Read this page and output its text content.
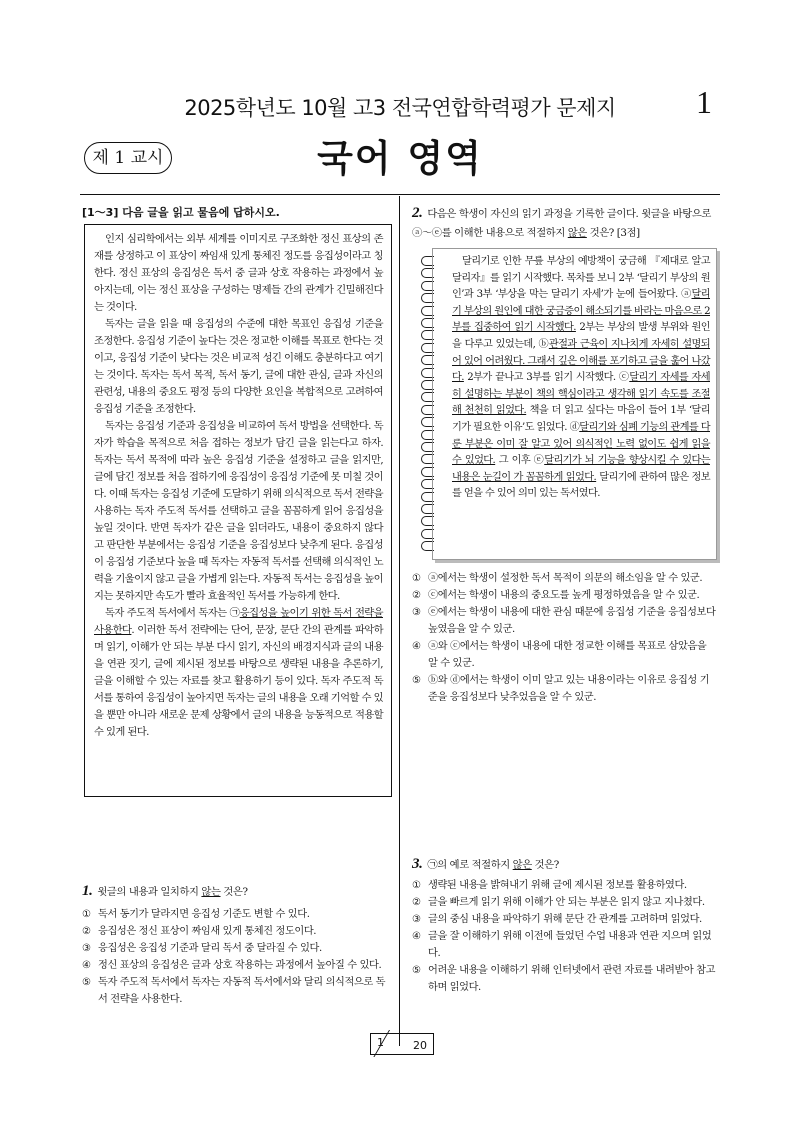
2025학년도 10월 고3 전국연합학력평가 문제지	1
제 1 교시	국어 영역
[1～3] 다음 글을 읽고 물음에 답하시오.

인지 심리학에서는 외부 세계를 이미지로 구조화한 정신 표상의 존재를 상정하고 이 표상이 짜임새 있게 통체진 정도를 응집성이라고 칭한다. 정신 표상의 응집성은 독서 중 글과 상호 작용하는 과정에서 높아지는데, 이는 정신 표상을 구성하는 명제들 간의 관계가 긴밀해진다는 것이다.

독자는 글을 읽을 때 응집성의 수준에 대한 목표인 응집성 기준을 조정한다. 응집성 기준이 높다는 것은 정교한 이해를 목표로 한다는 것이고, 응집성 기준이 낮다는 것은 비교적 성긴 이해도 충분하다고 여기는 것이다. 독자는 독서 목적, 독서 동기, 글에 대한 관심, 글과 자신의 관련성, 내용의 중요도 평정 등의 다양한 요인을 복합적으로 고려하여 응집성 기준을 조정한다.

독자는 응집성 기준과 응집성을 비교하여 독서 방법을 선택한다. 독자가 학습을 목적으로 처음 접하는 정보가 담긴 글을 읽는다고 하자. 독자는 독서 목적에 따라 높은 응집성 기준을 설정하고 글을 읽지만, 글에 담긴 정보를 처음 접하기에 응집성이 응집성 기준에 못 미칠 것이다. 이때 독자는 응집성 기준에 도달하기 위해 의식적으로 독서 전략을 사용하는 독자 주도적 독서를 선택하고 글을 꼼꼼하게 읽어 응집성을 높일 것이다. 반면 독자가 같은 글을 읽더라도, 내용이 중요하지 않다고 판단한 부분에서는 응집성 기준을 응집성보다 낮추게 된다. 응집성이 응집성 기준보다 높을 때 독자는 자동적 독서를 선택해 의식적인 노력을 기울이지 않고 글을 가볍게 읽는다. 자동적 독서는 응집성을 높이지는 못하지만 속도가 빨라 효율적인 독서를 가능하게 한다.

독자 주도적 독서에서 독자는 ㉠응집성을 높이기 위한 독서 전략을 사용한다. 이러한 독서 전략에는 단어, 문장, 문단 간의 관계를 파악하며 읽기, 이해가 안 되는 부분 다시 읽기, 자신의 배경지식과 글의 내용을 연관 짓기, 글에 제시된 정보를 바탕으로 생략된 내용을 추론하기, 글을 이해할 수 있는 자료를 찾고 활용하기 등이 있다. 독자 주도적 독서를 통하여 응집성이 높아지면 독자는 글의 내용을 오래 기억할 수 있을 뿐만 아니라 새로운 문제 상황에서 글의 내용을 능동적으로 적용할 수 있게 된다.

1. 윗글의 내용과 일치하지 않는 것은?
① 독서 동기가 달라지면 응집성 기준도 변할 수 있다.
② 응집성은 정신 표상이 짜임새 있게 통체진 정도이다.
③ 응집성은 응집성 기준과 달리 독서 중 달라질 수 있다.
④ 정신 표상의 응집성은 글과 상호 작용하는 과정에서 높아질 수 있다.
⑤ 독자 주도적 독서에서 독자는 자동적 독서에서와 달리 의식적으로 독서 전략을 사용한다.
2. 다음은 학생이 자신의 읽기 과정을 기록한 글이다. 윗글을 바탕으로 ⓐ～ⓔ를 이해한 내용으로 적절하지 않은 것은? [3점]

달리기로 인한 무릎 부상의 예방책이 궁금해 『제대로 알고 달리자』를 읽기 시작했다. 목차를 보니 2부 ‘달리기 부상의 원인’과 3부 ‘부상을 막는 달리기 자세’가 눈에 들어왔다. ⓐ달리기 부상의 원인에 대한 궁금증이 해소되기를 바라는 마음으로 2부를 집중하여 읽기 시작했다. 2부는 부상의 발생 부위와 원인을 다루고 있었는데, ⓑ관절과 근육이 지나치게 자세히 설명되어 있어 어려웠다. 그래서 깊은 이해를 포기하고 글을 훑어 나갔다. 2부가 끝나고 3부를 읽기 시작했다. ⓒ달리기 자세를 자세히 설명하는 부분이 책의 핵심이라고 생각해 읽기 속도를 조절해 천천히 읽었다. 책을 더 읽고 싶다는 마음이 들어 1부 ‘달리기가 필요한 이유’도 읽었다. ⓓ달리기와 심폐 기능의 관계를 다룬 부분은 이미 잘 알고 있어 의식적인 노력 없이도 쉽게 읽을 수 있었다. 그 이후 ⓔ달리기가 뇌 기능을 향상시킬 수 있다는 내용은 눈길이 가 꼼꼼하게 읽었다. 달리기에 관하여 많은 정보를 얻을 수 있어 의미 있는 독서였다.

① ⓐ에서는 학생이 설정한 독서 목적이 의문의 해소임을 알 수 있군.
② ⓒ에서는 학생이 내용의 중요도를 높게 평정하였음을 알 수 있군.
③ ⓔ에서는 학생이 내용에 대한 관심 때문에 응집성 기준을 응집성보다 높였음을 알 수 있군.
④ ⓐ와 ⓒ에서는 학생이 내용에 대한 정교한 이해를 목표로 삼았음을 알 수 있군.
⑤ ⓑ와 ⓓ에서는 학생이 이미 알고 있는 내용이라는 이유로 응집성 기준을 응집성보다 낮추었음을 알 수 있군.
3. ㉠의 예로 적절하지 않은 것은?
① 생략된 내용을 밝혀내기 위해 글에 제시된 정보를 활용하였다.
② 글을 빠르게 읽기 위해 이해가 안 되는 부분은 읽지 않고 지나쳤다.
③ 글의 중심 내용을 파악하기 위해 문단 간 관계를 고려하며 읽었다.
④ 글을 잘 이해하기 위해 이전에 들었던 수업 내용과 연관 지으며 읽었다.
⑤ 어려운 내용을 이해하기 위해 인터넷에서 관련 자료를 내려받아 참고하며 읽었다.
1	20
